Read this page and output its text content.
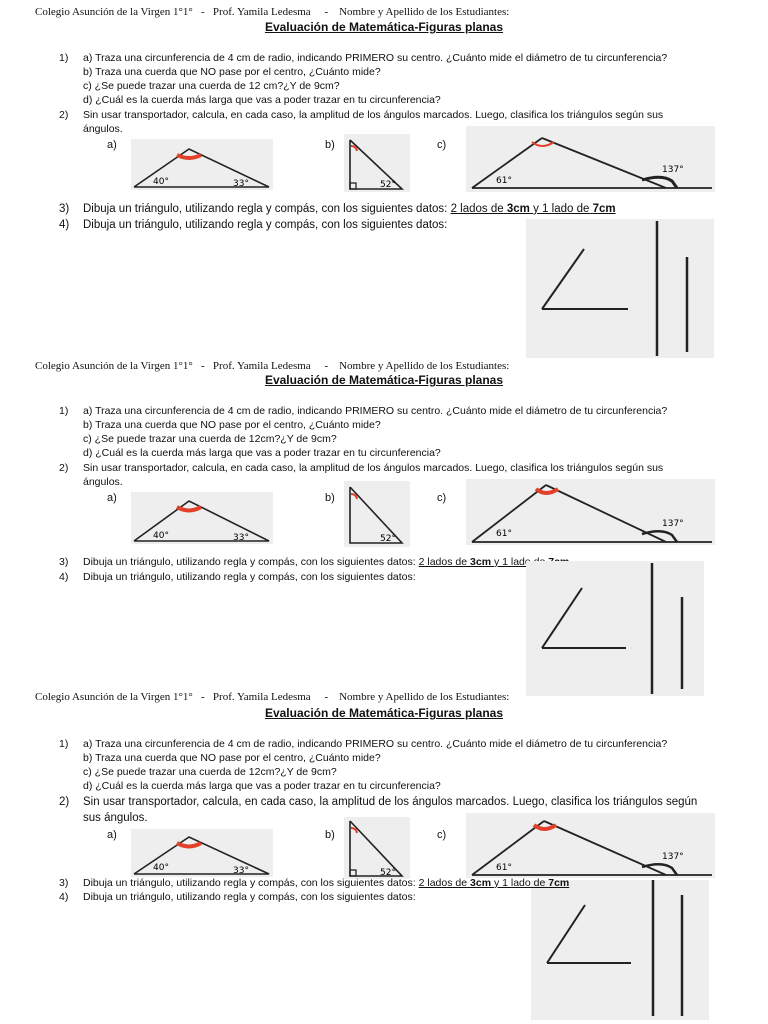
Colegio Asunción de la Virgen 1°1° - Prof. Yamila Ledesma - Nombre y Apellido de los Estudiantes:
Evaluación de Matemática-Figuras planas
1) a) Traza una circunferencia de 4 cm de radio, indicando PRIMERO su centro. ¿Cuánto mide el diámetro de tu circunferencia?
b) Traza una cuerda que NO pase por el centro, ¿Cuánto mide?
c) ¿Se puede trazar una cuerda de 12 cm?¿Y de 9cm?
d) ¿Cuál es la cuerda más larga que vas a poder trazar en tu circunferencia?
2) Sin usar transportador, calcula, en cada caso, la amplitud de los ángulos marcados. Luego, clasifica los triángulos según sus
ángulos.
a)
40°	33°
b)
52°
c)
61°
137°
3) Dibuja un triángulo, utilizando regla y compás, con los siguientes datos: 2 lados de 3cm y 1 lado de 7cm
4) Dibuja un triángulo, utilizando regla y compás, con los siguientes datos:
Colegio Asunción de la Virgen 1°1° - Prof. Yamila Ledesma - Nombre y Apellido de los Estudiantes:
Evaluación de Matemática-Figuras planas
1) a) Traza una circunferencia de 4 cm de radio, indicando PRIMERO su centro. ¿Cuánto mide el diámetro de tu circunferencia?
b) Traza una cuerda que NO pase por el centro, ¿Cuánto mide?
c) ¿Se puede trazar una cuerda de 12cm?¿Y de 9cm?
d) ¿Cuál es la cuerda más larga que vas a poder trazar en tu circunferencia?
2) Sin usar transportador, calcula, en cada caso, la amplitud de los ángulos marcados. Luego, clasifica los triángulos según sus
ángulos.
a)
40°	33°
b)
52°
c)
61°
137°
3) Dibuja un triángulo, utilizando regla y compás, con los siguientes datos: 2 lados de 3cm y 1 lado de 7cm
4) Dibuja un triángulo, utilizando regla y compás, con los siguientes datos:
Colegio Asunción de la Virgen 1°1° - Prof. Yamila Ledesma - Nombre y Apellido de los Estudiantes:
Evaluación de Matemática-Figuras planas
1) a) Traza una circunferencia de 4 cm de radio, indicando PRIMERO su centro. ¿Cuánto mide el diámetro de tu circunferencia?
b) Traza una cuerda que NO pase por el centro, ¿Cuánto mide?
c) ¿Se puede trazar una cuerda de 12cm?¿Y de 9cm?
d) ¿Cuál es la cuerda más larga que vas a poder trazar en tu circunferencia?
2) Sin usar transportador, calcula, en cada caso, la amplitud de los ángulos marcados. Luego, clasifica los triángulos según
sus ángulos.
a)
40°	33°
b)
52°
c)
61°
137°
3) Dibuja un triángulo, utilizando regla y compás, con los siguientes datos: 2 lados de 3cm y 1 lado de 7cm
4) Dibuja un triángulo, utilizando regla y compás, con los siguientes datos:
